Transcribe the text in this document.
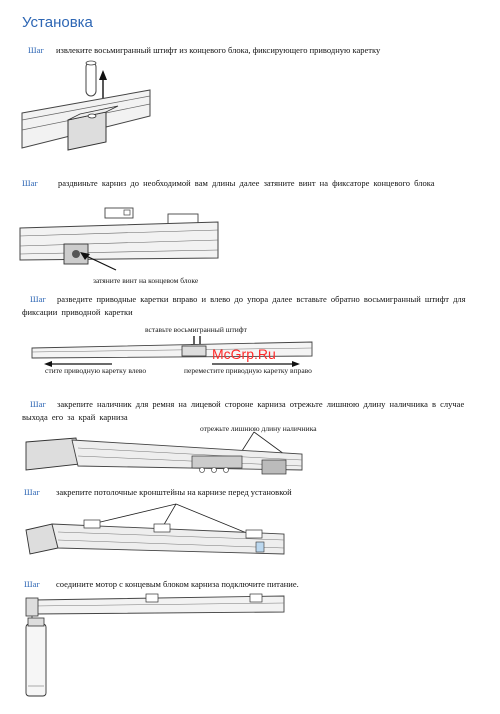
Установка
Шаг извлеките восьмигранный штифт из концевого блока, фиксирующего приводную каретку
Шаг раздвиньте карниз до необходимой вам длины далее затяните винт на фиксаторе концевого блока
затяните винт на концевом блоке
Шаг	разведите приводные каретки вправо и влево до упора далее вставьте обратно восьмигранный штифт для фиксации приводной каретки
вставьте восьмигранный штифт
стите приводную каретку влево	переместите приводную каретку вправо
McGrp.Ru
Шаг	закрепите наличник для ремня на лицевой стороне карниза отрежьте лишнюю длину наличника в случае выхода его за край карниза
отрежьте лишнюю длину наличника
Шаг закрепите потолочные кронштейны на карнизе перед установкой
Шаг соедините мотор с концевым блоком карниза подключите питание.
